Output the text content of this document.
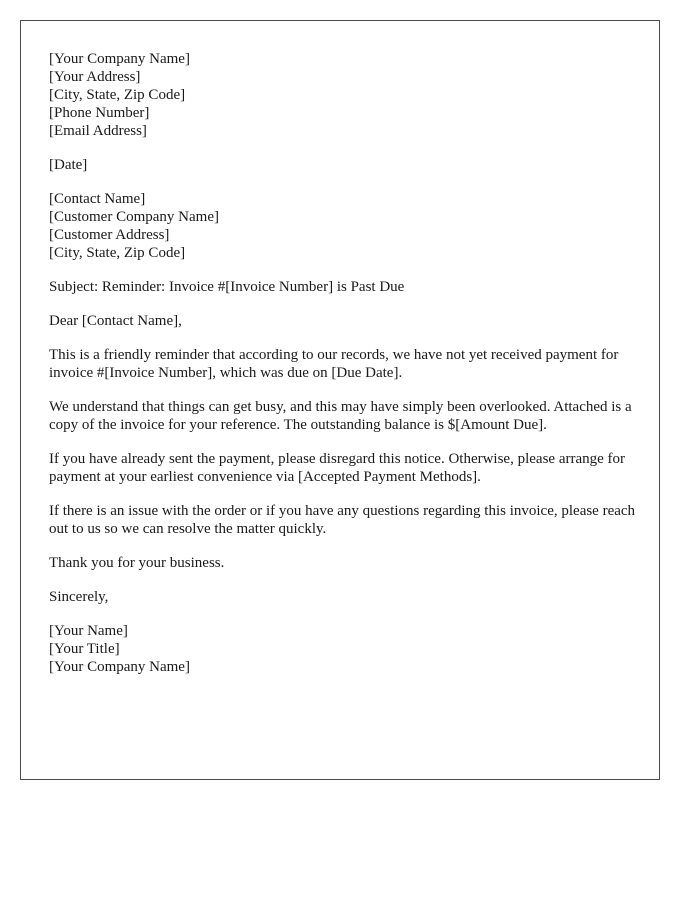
[Your Company Name]
[Your Address]
[City, State, Zip Code]
[Phone Number]
[Email Address]
[Date]
[Contact Name]
[Customer Company Name]
[Customer Address]
[City, State, Zip Code]

Subject: Reminder: Invoice #[Invoice Number] is Past Due

Dear [Contact Name],

This is a friendly reminder that according to our records, we have not yet received payment for invoice #[Invoice Number], which was due on [Due Date].

We understand that things can get busy, and this may have simply been overlooked. Attached is a copy of the invoice for your reference. The outstanding balance is $[Amount Due].

If you have already sent the payment, please disregard this notice. Otherwise, please arrange for payment at your earliest convenience via [Accepted Payment Methods].

If there is an issue with the order or if you have any questions regarding this invoice, please reach out to us so we can resolve the matter quickly.

Thank you for your business.

Sincerely,

[Your Name]
[Your Title]
[Your Company Name]
